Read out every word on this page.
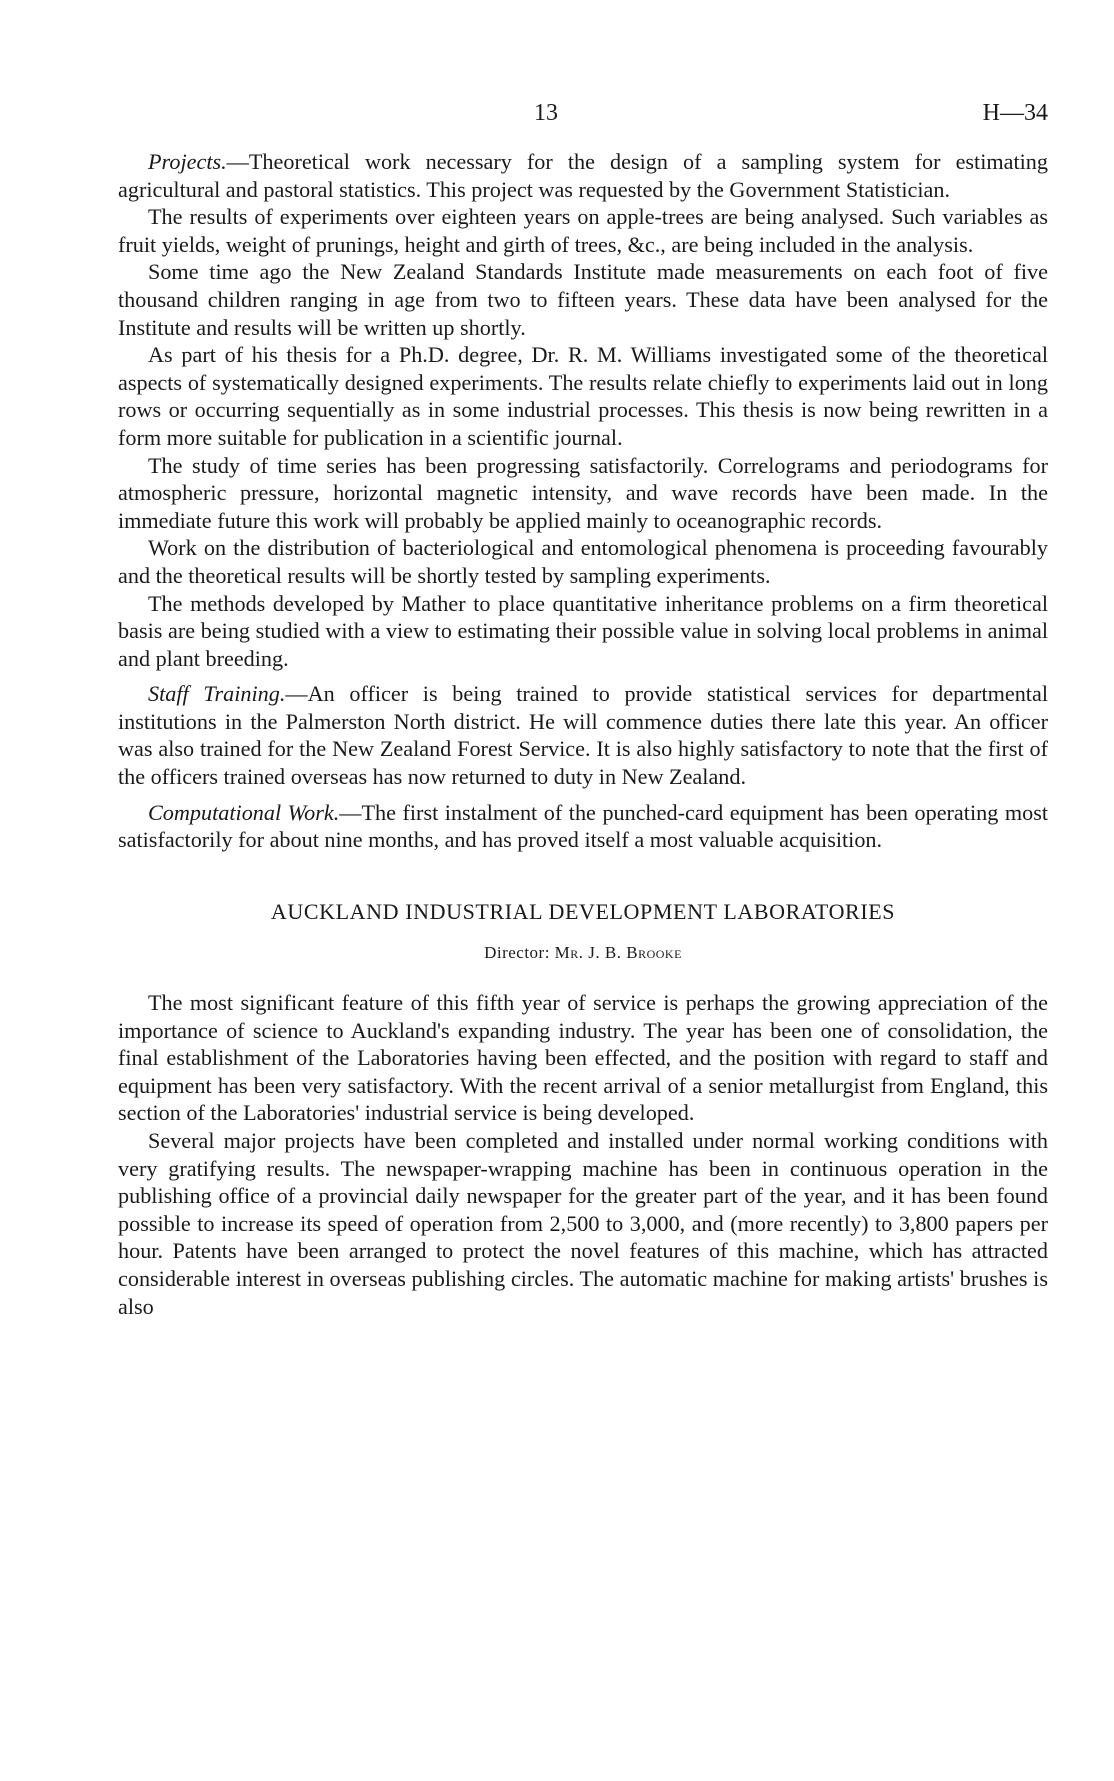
13	H—34

Projects.—Theoretical work necessary for the design of a sampling system for estimating agricultural and pastoral statistics. This project was requested by the Government Statistician.

The results of experiments over eighteen years on apple-trees are being analysed. Such variables as fruit yields, weight of prunings, height and girth of trees, &c., are being included in the analysis.

Some time ago the New Zealand Standards Institute made measurements on each foot of five thousand children ranging in age from two to fifteen years. These data have been analysed for the Institute and results will be written up shortly.

As part of his thesis for a Ph.D. degree, Dr. R. M. Williams investigated some of the theoretical aspects of systematically designed experiments. The results relate chiefly to experiments laid out in long rows or occurring sequentially as in some industrial processes. This thesis is now being rewritten in a form more suitable for publication in a scientific journal.

The study of time series has been progressing satisfactorily. Correlograms and periodograms for atmospheric pressure, horizontal magnetic intensity, and wave records have been made. In the immediate future this work will probably be applied mainly to oceanographic records.

Work on the distribution of bacteriological and entomological phenomena is proceeding favourably and the theoretical results will be shortly tested by sampling experiments.

The methods developed by Mather to place quantitative inheritance problems on a firm theoretical basis are being studied with a view to estimating their possible value in solving local problems in animal and plant breeding.

Staff Training.—An officer is being trained to provide statistical services for departmental institutions in the Palmerston North district. He will commence duties there late this year. An officer was also trained for the New Zealand Forest Service. It is also highly satisfactory to note that the first of the officers trained overseas has now returned to duty in New Zealand.

Computational Work.—The first instalment of the punched-card equipment has been operating most satisfactorily for about nine months, and has proved itself a most valuable acquisition.

AUCKLAND INDUSTRIAL DEVELOPMENT LABORATORIES
Director: Mr. J. B. Brooke

The most significant feature of this fifth year of service is perhaps the growing appreciation of the importance of science to Auckland's expanding industry. The year has been one of consolidation, the final establishment of the Laboratories having been effected, and the position with regard to staff and equipment has been very satisfactory. With the recent arrival of a senior metallurgist from England, this section of the Laboratories' industrial service is being developed.

Several major projects have been completed and installed under normal working conditions with very gratifying results. The newspaper-wrapping machine has been in continuous operation in the publishing office of a provincial daily newspaper for the greater part of the year, and it has been found possible to increase its speed of operation from 2,500 to 3,000, and (more recently) to 3,800 papers per hour. Patents have been arranged to protect the novel features of this machine, which has attracted considerable interest in overseas publishing circles. The automatic machine for making artists' brushes is also
